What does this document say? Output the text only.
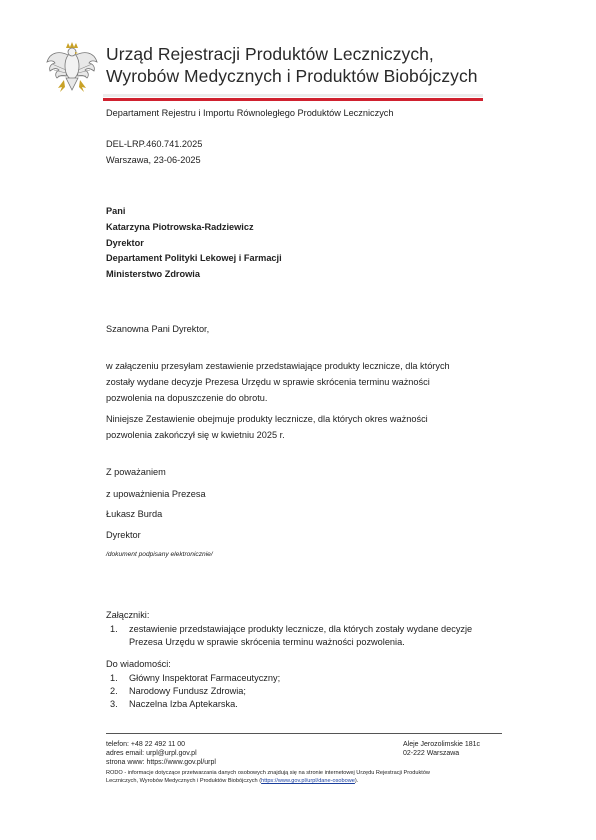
Urząd Rejestracji Produktów Leczniczych,
Wyrobów Medycznych i Produktów Biobójczych
Departament Rejestru i Importu Równoległego Produktów Leczniczych
DEL-LRP.460.741.2025
Warszawa, 23-06-2025
Pani
Katarzyna Piotrowska-Radziewicz
Dyrektor
Departament Polityki Lekowej i Farmacji
Ministerstwo Zdrowia
Szanowna Pani Dyrektor,
w załączeniu przesyłam zestawienie przedstawiające produkty lecznicze, dla których
zostały wydane decyzje Prezesa Urzędu w sprawie skrócenia terminu ważności
pozwolenia na dopuszczenie do obrotu.
Niniejsze Zestawienie obejmuje produkty lecznicze, dla których okres ważności
pozwolenia zakończył się w kwietniu 2025 r.
Z poważaniem
z upoważnienia Prezesa
Łukasz Burda
Dyrektor
/dokument podpisany elektronicznie/
Załączniki:
1. zestawienie przedstawiające produkty lecznicze, dla których zostały wydane decyzje
Prezesa Urzędu w sprawie skrócenia terminu ważności pozwolenia.
Do wiadomości:
1. Główny Inspektorat Farmaceutyczny;
2. Narodowy Fundusz Zdrowia;
3. Naczelna Izba Aptekarska.
telefon: +48 22 492 11 00
adres email: urpl@urpl.gov.pl
strona www: https://www.gov.pl/urpl
Aleje Jerozolimskie 181c
02-222 Warszawa
RODO - informacje dotyczące przetwarzania danych osobowych znajdują się na stronie internetowej Urzędu Rejestracji Produktów
Leczniczych, Wyrobów Medycznych i Produktów Biobójczych (https://www.gov.pl/urpl/dane-osobowe).
